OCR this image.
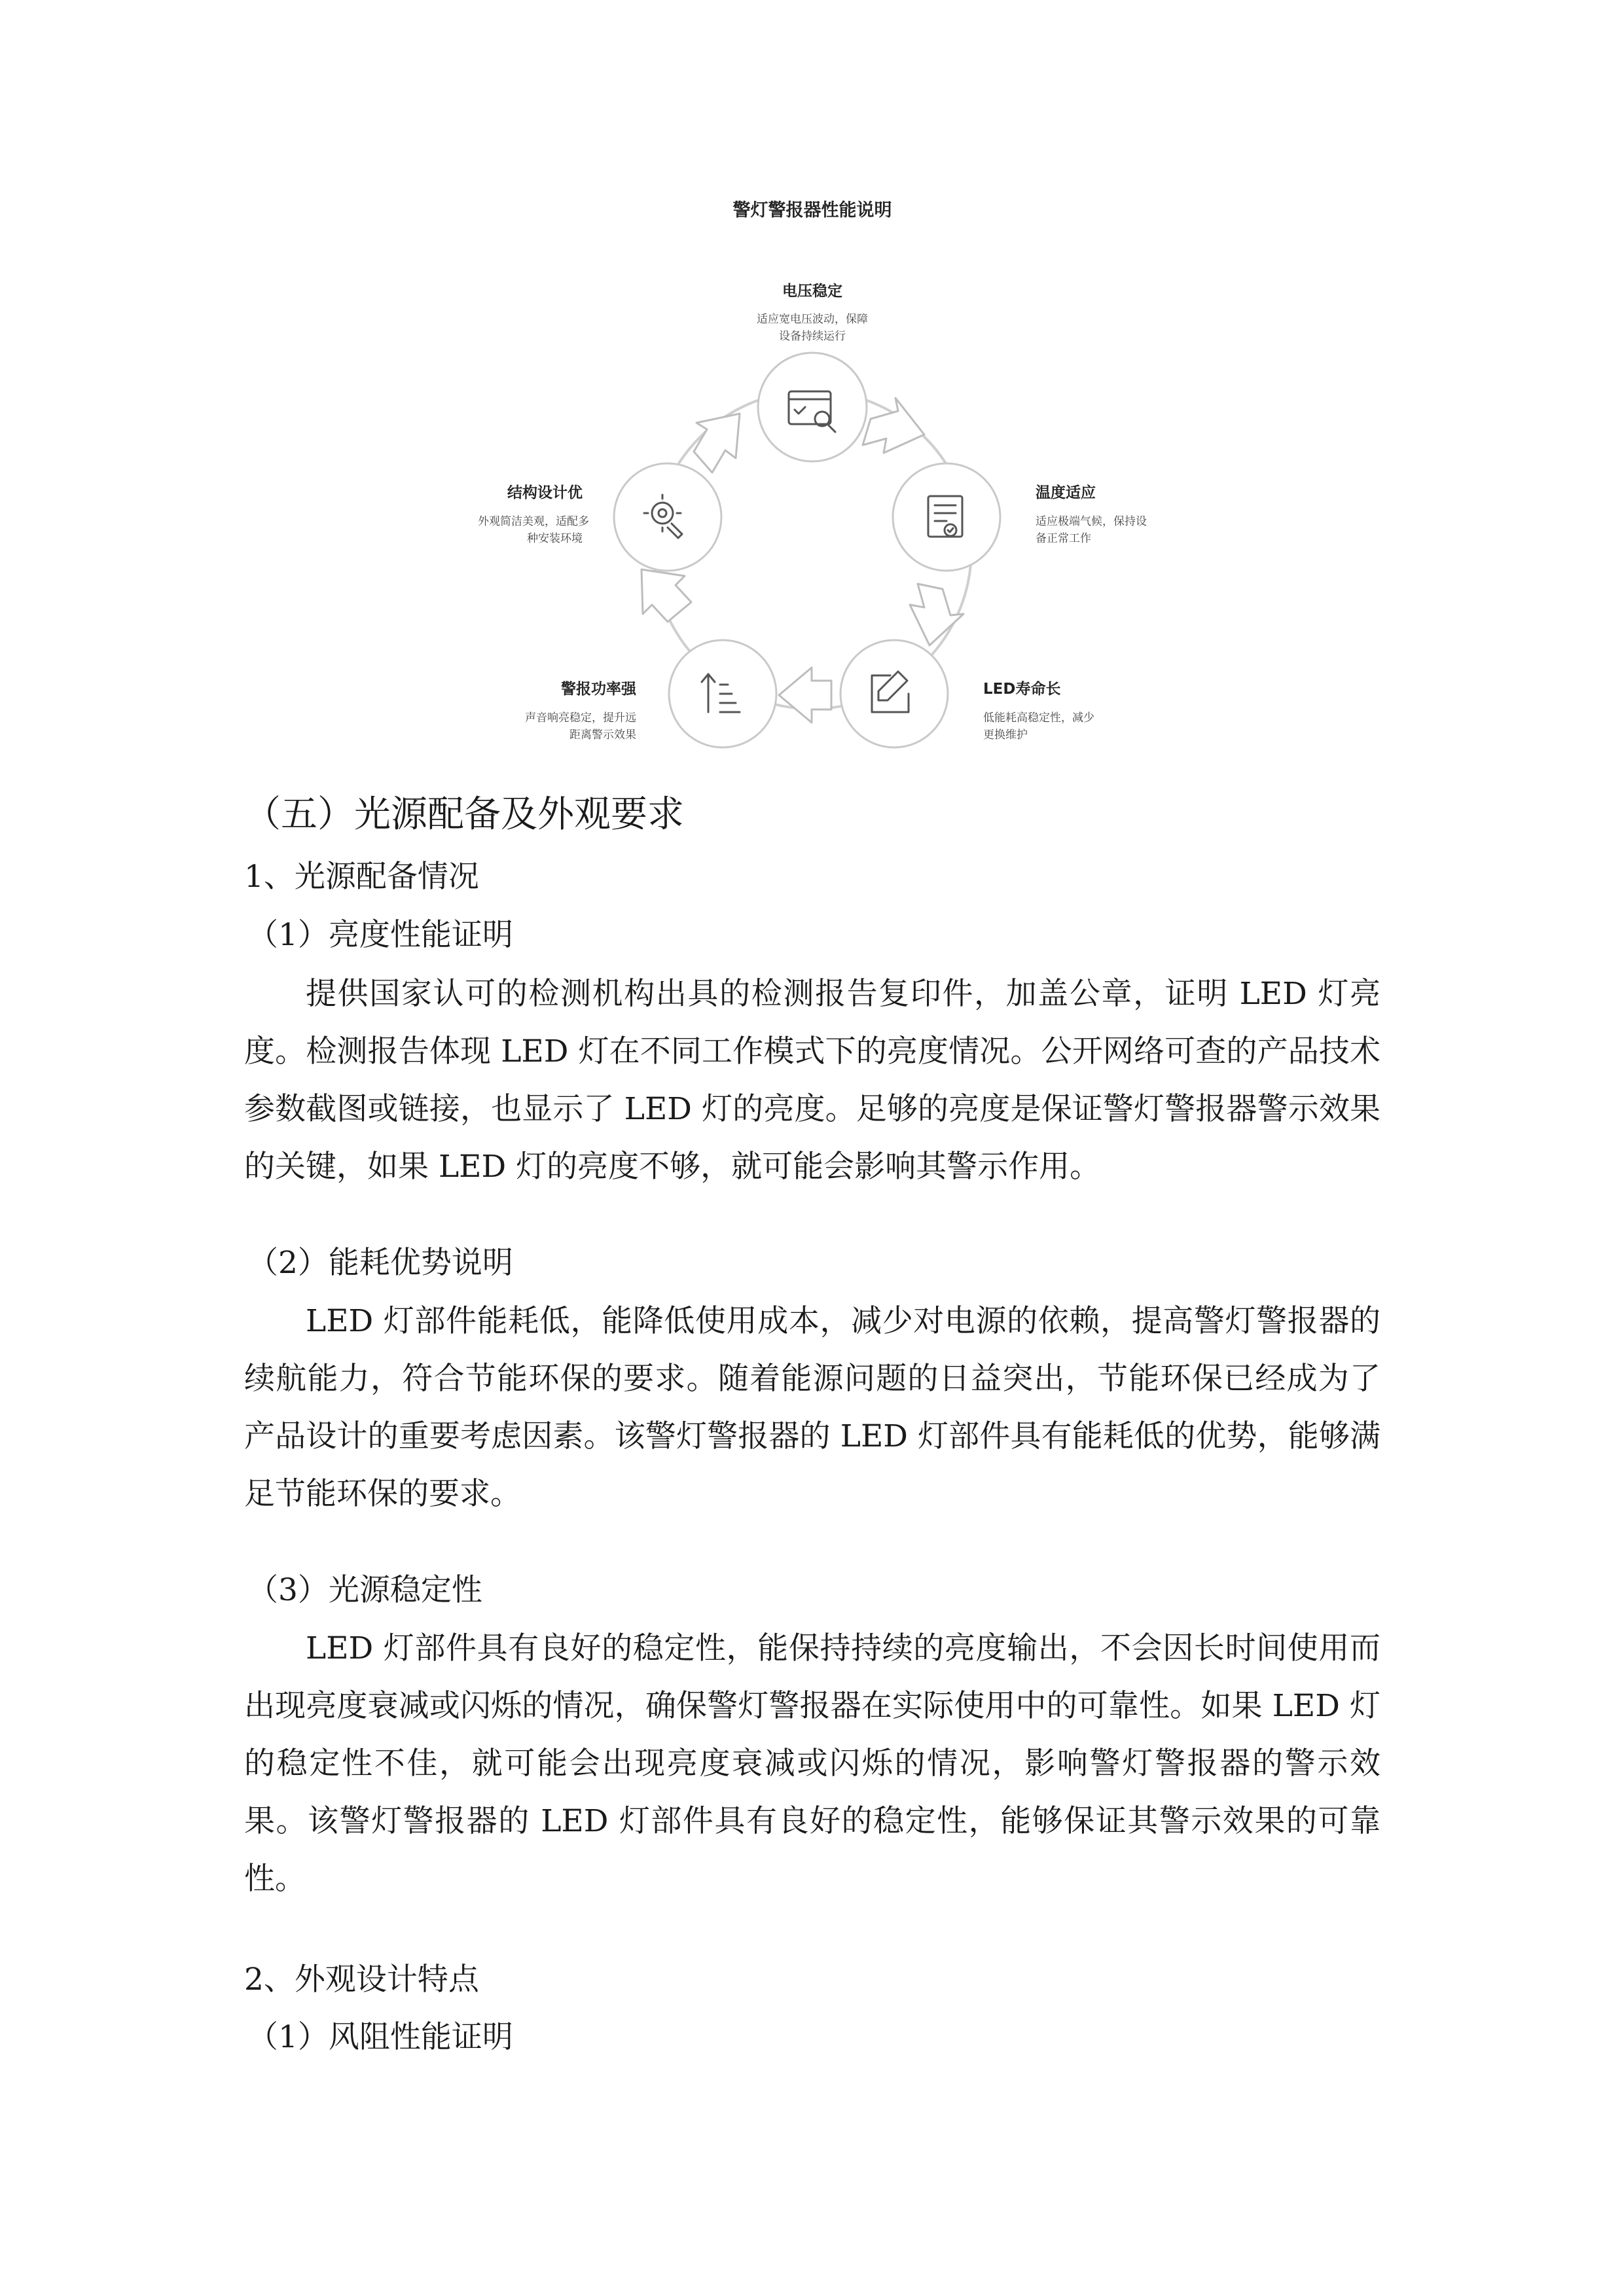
警灯警报器性能说明
电压稳定
适应宽电压波动，保障
设备持续运行
温度适应
适应极端气候，保持设
备正常工作
LED寿命长
低能耗高稳定性，减少
更换维护
警报功率强
声音响亮稳定，提升远
距离警示效果
结构设计优
外观简洁美观，适配多
种安装环境
（五）光源配备及外观要求
1、光源配备情况
（1）亮度性能证明

提供国家认可的检测机构出具的检测报告复印件，加盖公章，证明 LED 灯亮度。检测报告体现 LED 灯在不同工作模式下的亮度情况。公开网络可查的产品技术参数截图或链接，也显示了 LED 灯的亮度。足够的亮度是保证警灯警报器警示效果的关键，如果 LED 灯的亮度不够，就可能会影响其警示作用。

（2）能耗优势说明

LED 灯部件能耗低，能降低使用成本，减少对电源的依赖，提高警灯警报器的续航能力，符合节能环保的要求。随着能源问题的日益突出，节能环保已经成为了产品设计的重要考虑因素。该警灯警报器的 LED 灯部件具有能耗低的优势，能够满足节能环保的要求。

（3）光源稳定性

LED 灯部件具有良好的稳定性，能保持持续的亮度输出，不会因长时间使用而出现亮度衰减或闪烁的情况，确保警灯警报器在实际使用中的可靠性。如果 LED 灯的稳定性不佳，就可能会出现亮度衰减或闪烁的情况，影响警灯警报器的警示效果。该警灯警报器的 LED 灯部件具有良好的稳定性，能够保证其警示效果的可靠性。

2、外观设计特点
（1）风阻性能证明
